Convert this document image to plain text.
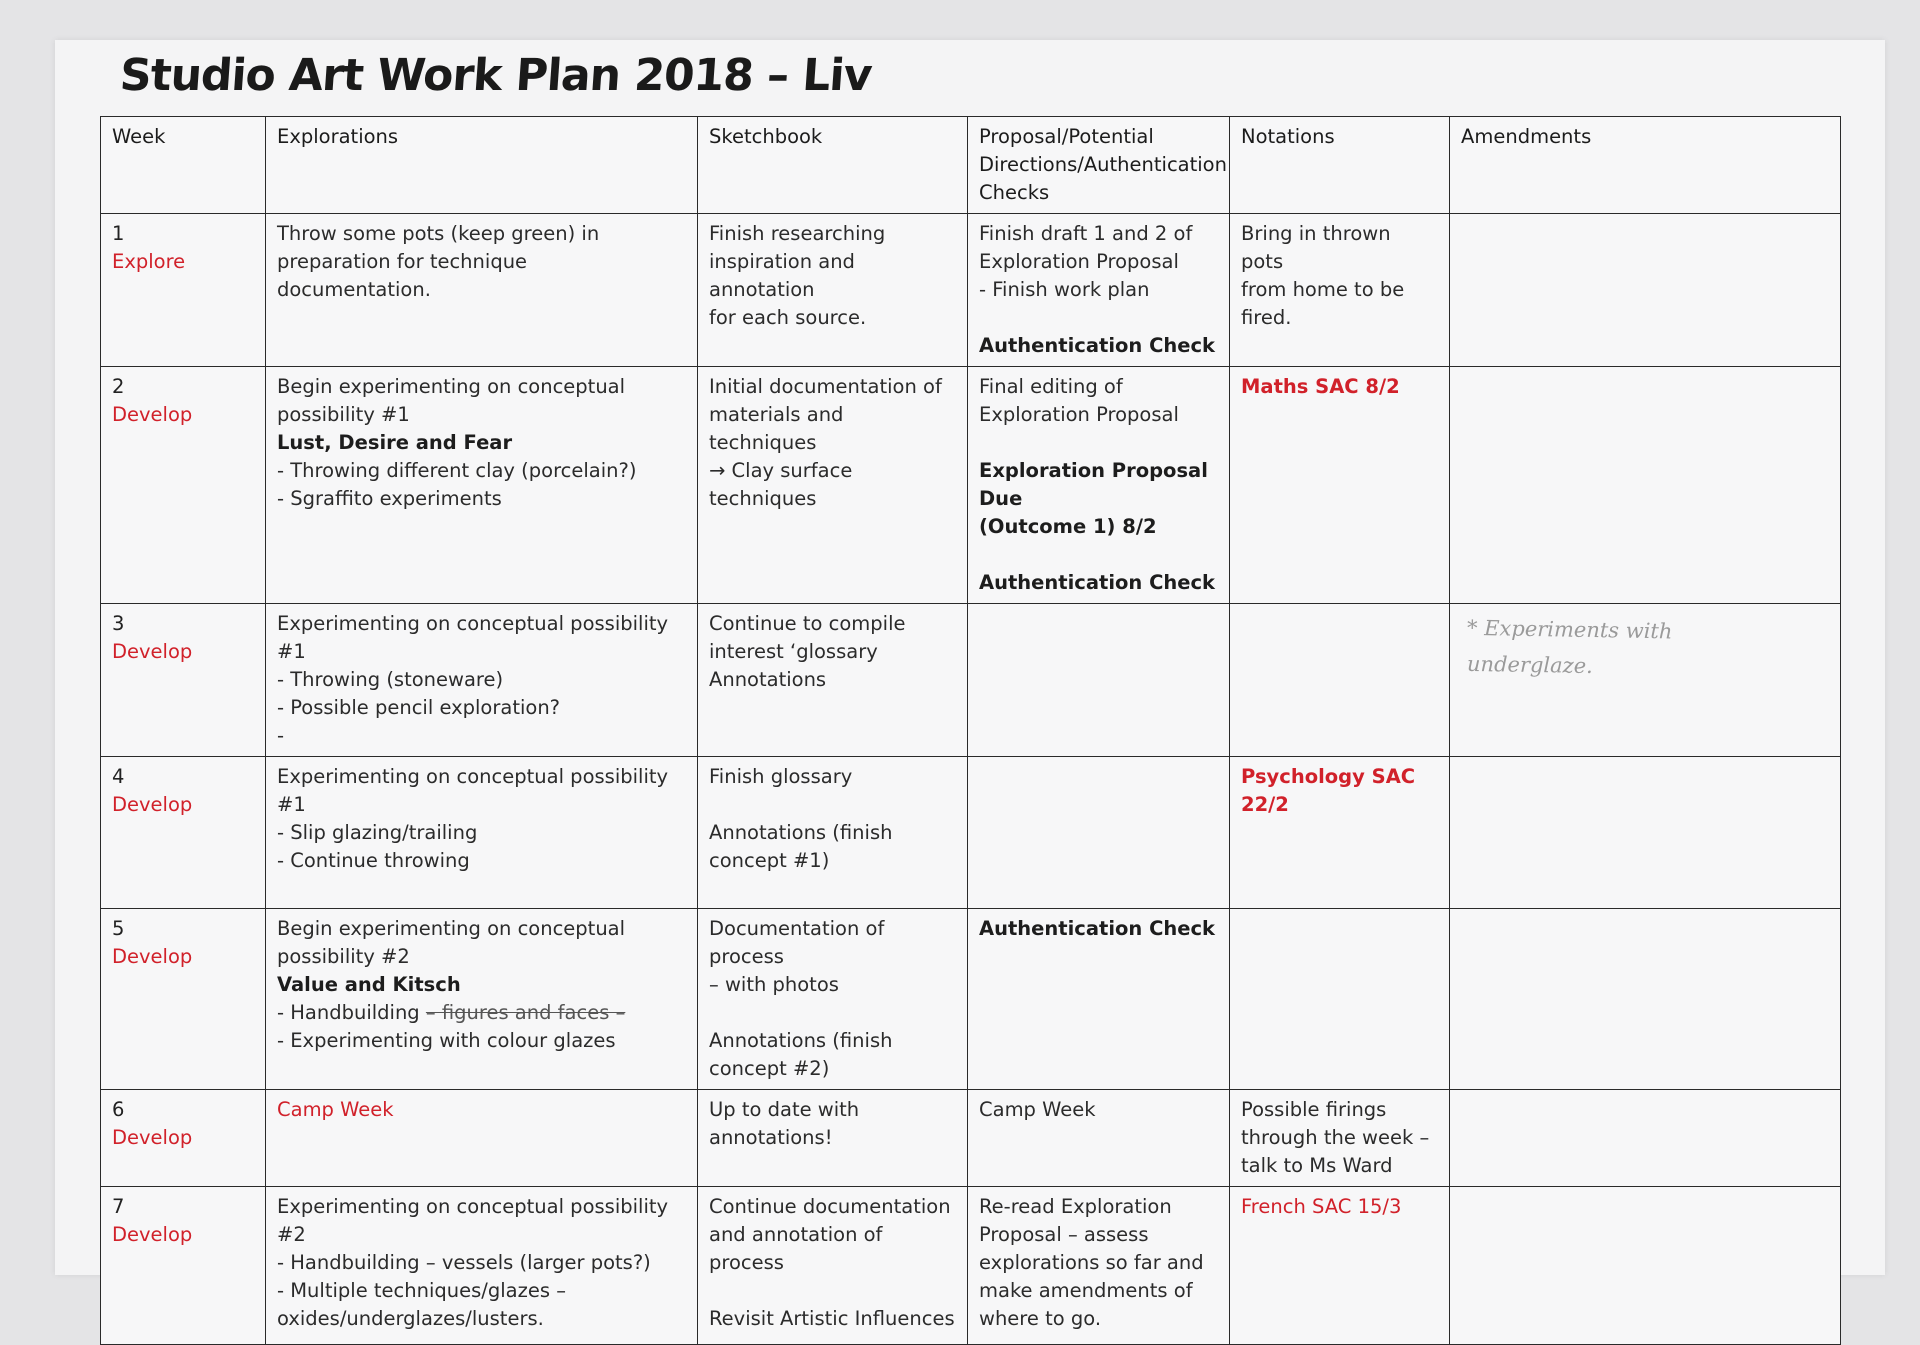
Studio Art Work Plan 2018 – Liv
Week	Explorations	Sketchbook	Proposal/Potential Directions/Authentication Checks	Notations	Amendments

1
Explore	Throw some pots (keep green) in
preparation for technique documentation.	Finish researching
inspiration and annotation
for each source.	Finish draft 1 and 2 of
Exploration Proposal
- Finish work plan
Authentication Check	Bring in thrown pots
from home to be
fired.	

2
Develop	Begin experimenting on conceptual
possibility #1
Lust, Desire and Fear
- Throwing different clay (porcelain?)
- Sgraffito experiments	Initial documentation of
materials and techniques
→ Clay surface techniques	Final editing of
Exploration Proposal
Exploration Proposal Due
(Outcome 1) 8/2
Authentication Check	Maths SAC 8/2	

3
Develop	Experimenting on conceptual possibility #1
- Throwing (stoneware)
- Possible pencil exploration?
-	Continue to compile
interest ‘glossary
Annotations			* Experiments with
underglaze.

4
Develop	Experimenting on conceptual possibility #1
- Slip glazing/trailing
- Continue throwing	Finish glossary
Annotations (finish
concept #1)		Psychology SAC 22/2	

5
Develop	Begin experimenting on conceptual
possibility #2
Value and Kitsch
- Handbuilding – figures and faces –
- Experimenting with colour glazes	Documentation of process
– with photos
Annotations (finish
concept #2)	Authentication Check		

6
Develop	Camp Week	Up to date with
annotations!	Camp Week	Possible firings
through the week –
talk to Ms Ward	

7
Develop	Experimenting on conceptual possibility #2
- Handbuilding – vessels (larger pots?)
- Multiple techniques/glazes –
oxides/underglazes/lusters.	Continue documentation
and annotation of process
Revisit Artistic Influences	Re-read Exploration
Proposal – assess
explorations so far and
make amendments of
where to go.	French SAC 15/3	
